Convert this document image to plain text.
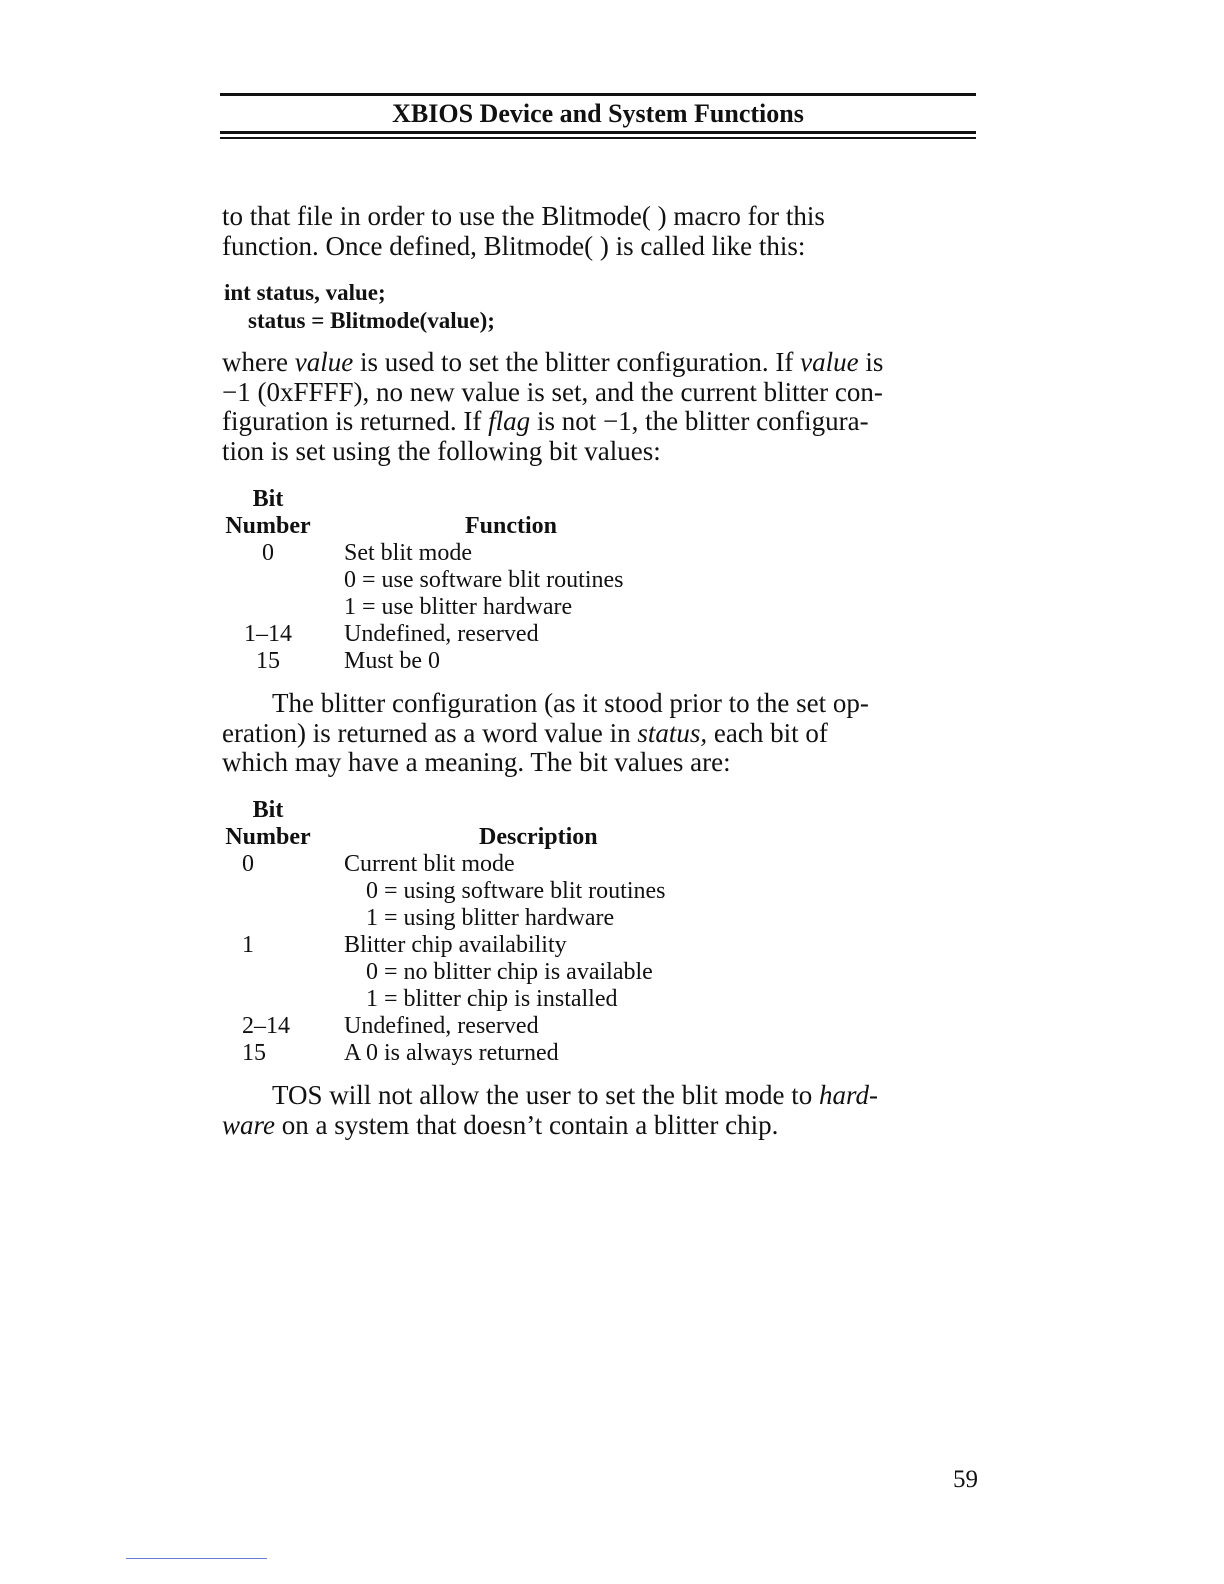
XBIOS Device and System Functions

to that file in order to use the Blitmode( ) macro for this
function. Once defined, Blitmode( ) is called like this:

int status, value;
status = Blitmode(value);

where value is used to set the blitter configuration. If value is
−1 (0xFFFF), no new value is set, and the current blitter con-
figuration is returned. If flag is not −1, the blitter configura-
tion is set using the following bit values:

Bit
Number	Function
0	Set blit mode
0 = use software blit routines
1 = use blitter hardware
1–14	Undefined, reserved
15	Must be 0

The blitter configuration (as it stood prior to the set op-
eration) is returned as a word value in status, each bit of
which may have a meaning. The bit values are:

Bit
Number	Description
0	Current blit mode
0 = using software blit routines
1 = using blitter hardware
1	Blitter chip availability
0 = no blitter chip is available
1 = blitter chip is installed
2–14	Undefined, reserved
15	A 0 is always returned

TOS will not allow the user to set the blit mode to hard-
ware on a system that doesn’t contain a blitter chip.

59
